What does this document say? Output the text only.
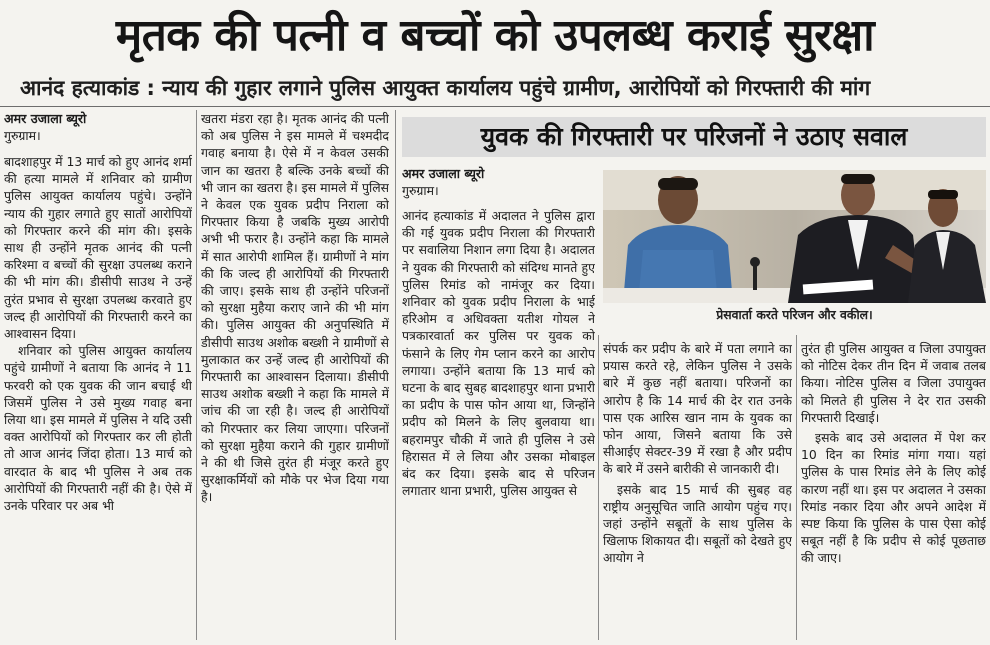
मृतक की पत्नी व बच्चों को उपलब्ध कराई सुरक्षा
आनंद हत्याकांड : न्याय की गुहार लगाने पुलिस आयुक्त कार्यालय पहुंचे ग्रामीण, आरोपियों को गिरफ्तारी की मांग
अमर उजाला ब्यूरो
गुरुग्राम।

बादशाहपुर में 13 मार्च को हुए आनंद शर्मा की हत्या मामले में शनिवार को ग्रामीण पुलिस आयुक्त कार्यालय पहुंचे। उन्होंने न्याय की गुहार लगाते हुए सातों आरोपियों को गिरफ्तार करने की मांग की। इसके साथ ही उन्होंने मृतक आनंद की पत्नी करिश्मा व बच्चों की सुरक्षा उपलब्ध कराने की भी मांग की। डीसीपी साउथ ने उन्हें तुरंत प्रभाव से सुरक्षा उपलब्ध करवाते हुए जल्द ही आरोपियों की गिरफ्तारी करने का आश्वासन दिया।

शनिवार को पुलिस आयुक्त कार्यालय पहुंचे ग्रामीणों ने बताया कि आनंद ने 11 फरवरी को एक युवक की जान बचाई थी जिसमें पुलिस ने उसे मुख्य गवाह बना लिया था। इस मामले में पुलिस ने यदि उसी वक्त आरोपियों को गिरफ्तार कर ली होती तो आज आनंद जिंदा होता। 13 मार्च को वारदात के बाद भी पुलिस ने अब तक आरोपियों की गिरफ्तारी नहीं की है। ऐसे में उनके परिवार पर अब भी

खतरा मंडरा रहा है। मृतक आनंद की पत्नी को अब पुलिस ने इस मामले में चश्मदीद गवाह बनाया है। ऐसे में न केवल उसकी जान का खतरा है बल्कि उनके बच्चों की भी जान का खतरा है। इस मामले में पुलिस ने केवल एक युवक प्रदीप निराला को गिरफ्तार किया है जबकि मुख्य आरोपी अभी भी फरार है। उन्होंने कहा कि मामले में सात आरोपी शामिल हैं। ग्रामीणों ने मांग की कि जल्द ही आरोपियों की गिरफ्तारी की जाए। इसके साथ ही उन्होंने परिजनों को सुरक्षा मुहैया कराए जाने की भी मांग की। पुलिस आयुक्त की अनुपस्थिति में डीसीपी साउथ अशोक बख्शी ने ग्रामीणों से मुलाकात कर उन्हें जल्द ही आरोपियों की गिरफ्तारी का आश्वासन दिलाया। डीसीपी साउथ अशोक बख्शी ने कहा कि मामले में जांच की जा रही है। जल्द ही आरोपियों को गिरफ्तार कर लिया जाएगा। परिजनों को सुरक्षा मुहैया कराने की गुहार ग्रामीणों ने की थी जिसे तुरंत ही मंजूर करते हुए सुरक्षाकर्मियों को मौके पर भेज दिया गया है।

युवक की गिरफ्तारी पर परिजनों ने उठाए सवाल
अमर उजाला ब्यूरो
गुरुग्राम।

आनंद हत्याकांड में अदालत ने पुलिस द्वारा की गई युवक प्रदीप निराला की गिरफ्तारी पर सवालिया निशान लगा दिया है। अदालत ने युवक की गिरफ्तारी को संदिग्ध मानते हुए पुलिस रिमांड को नामंजूर कर दिया। शनिवार को युवक प्रदीप निराला के भाई हरिओम व अधिवक्ता यतीश गोयल ने पत्रकारवार्ता कर पुलिस पर युवक को फंसाने के लिए गेम प्लान करने का आरोप लगाया। उन्होंने बताया कि 13 मार्च को घटना के बाद सुबह बादशाहपुर थाना प्रभारी का प्रदीप के पास फोन आया था, जिन्होंने प्रदीप को मिलने के लिए बुलवाया था। बहरामपुर चौकी में जाते ही पुलिस ने उसे हिरासत में ले लिया और उसका मोबाइल बंद कर दिया। इसके बाद से परिजन लगातार थाना प्रभारी, पुलिस आयुक्त से

प्रेसवार्ता करते परिजन और वकील।

संपर्क कर प्रदीप के बारे में पता लगाने का प्रयास करते रहे, लेकिन पुलिस ने उसके बारे में कुछ नहीं बताया। परिजनों का आरोप है कि 14 मार्च की देर रात उनके पास एक आरिस खान नाम के युवक का फोन आया, जिसने बताया कि उसे सीआईए सेक्टर-39 में रखा है और प्रदीप के बारे में उसने बारीकी से जानकारी दी।

इसके बाद 15 मार्च की सुबह वह राष्ट्रीय अनुसूचित जाति आयोग पहुंच गए। जहां उन्होंने सबूतों के साथ पुलिस के खिलाफ शिकायत दी। सबूतों को देखते हुए आयोग ने

तुरंत ही पुलिस आयुक्त व जिला उपायुक्त को नोटिस देकर तीन दिन में जवाब तलब किया। नोटिस पुलिस व जिला उपायुक्त को मिलते ही पुलिस ने देर रात उसकी गिरफ्तारी दिखाई।

इसके बाद उसे अदालत में पेश कर 10 दिन का रिमांड मांगा गया। यहां पुलिस के पास रिमांड लेने के लिए कोई कारण नहीं था। इस पर अदालत ने उसका रिमांड नकार दिया और अपने आदेश में स्पष्ट किया कि पुलिस के पास ऐसा कोई सबूत नहीं है कि प्रदीप से कोई पूछताछ की जाए।
